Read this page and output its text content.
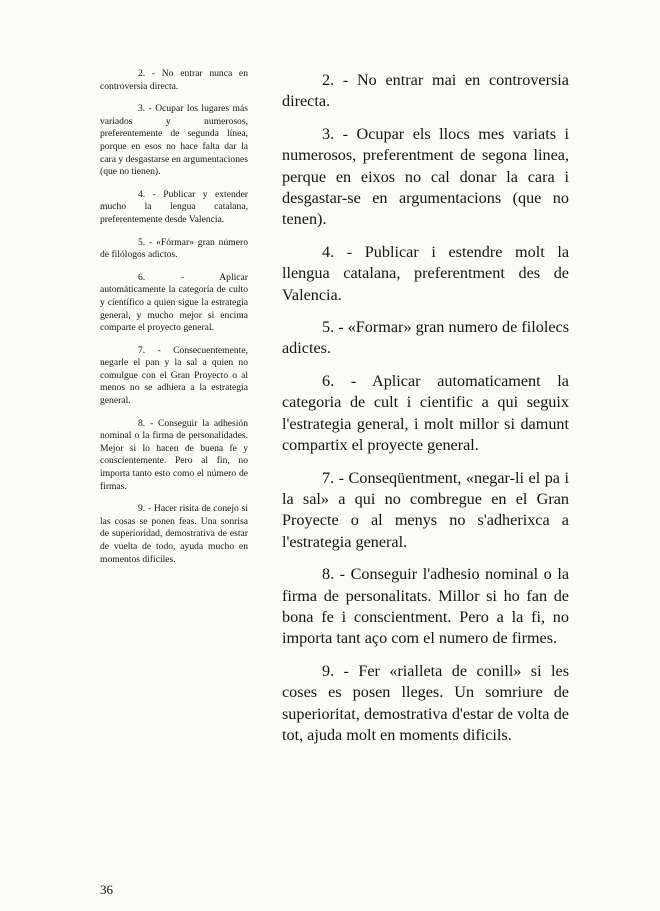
2. - No entrar nunca en controversia directa.

3. - Ocupar los lugares más variados y numerosos, preferentemente de segunda línea, porque en esos no hace falta dar la cara y desgastarse en argumentaciones (que no tienen).

4. - Publicar y extender mucho la lengua catalana, preferentemente desde Valencia.

5. - «Fórmar» gran número de filólogos adictos.

6. - Aplicar automáticamente la categoría de culto y científico a quien sigue la estrategia general, y mucho mejor si encima comparte el proyecto general.

7. - Consecuentemente, negarle el pan y la sal a quien no comulgue con el Gran Proyecto o al menos no se adhiera a la estrategia general.

8. - Conseguir la adhesión nominal o la firma de personalidades. Mejor si lo hacen de buena fe y conscientemente. Pero al fin, no importa tanto esto como el número de firmas.

9. - Hacer risita de conejo si las cosas se ponen feas. Una sonrisa de superioridad, demostrativa de estar de vuelta de todo, ayuda mucho en momentos difíciles.

2. - No entrar mai en controversia directa.

3. - Ocupar els llocs mes variats i numerosos, preferentment de segona linea, perque en eixos no cal donar la cara i desgastar-se en argumentacions (que no tenen).

4. - Publicar i estendre molt la llengua catalana, preferentment des de Valencia.

5. - «Formar» gran numero de filolecs adictes.

6. - Aplicar automaticament la categoria de cult i cientific a qui seguix l'estrategia general, i molt millor si damunt compartix el proyecte general.

7. - Conseqüentment, «negar-li el pa i la sal» a qui no combregue en el Gran Proyecte o al menys no s'adherixca a l'estrategia general.

8. - Conseguir l'adhesio nominal o la firma de personalitats. Millor si ho fan de bona fe i conscientment. Pero a la fi, no importa tant aço com el numero de firmes.

9. - Fer «rialleta de conill» si les coses es posen lleges. Un somriure de superioritat, demostrativa d'estar de volta de tot, ajuda molt en moments dificils.

36
